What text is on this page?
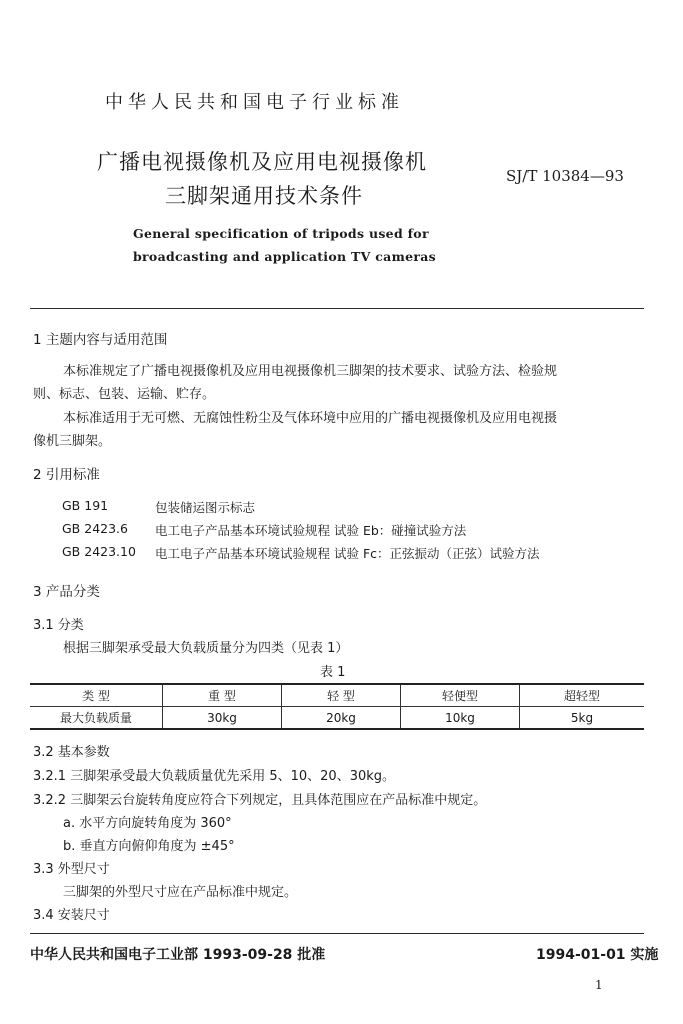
中华人民共和国电子行业标准
广播电视摄像机及应用电视摄像机
三脚架通用技术条件
SJ/T 10384—93
General specification of tripods used for
broadcasting and application TV cameras
1 主题内容与适用范围
本标准规定了广播电视摄像机及应用电视摄像机三脚架的技术要求、试验方法、检验规
则、标志、包装、运输、贮存。
本标准适用于无可燃、无腐蚀性粉尘及气体环境中应用的广播电视摄像机及应用电视摄
像机三脚架。
2 引用标准
GB 191	包装储运图示标志
GB 2423.6 电工电子产品基本环境试验规程 试验 Eb：碰撞试验方法
GB 2423.10 电工电子产品基本环境试验规程 试验 Fc：正弦振动（正弦）试验方法
3 产品分类
3.1 分类
根据三脚架承受最大负载质量分为四类（见表 1）
表 1
类 型	重 型	轻 型	轻便型	超轻型
最大负载质量	30kg	20kg	10kg	5kg
3.2 基本参数
3.2.1 三脚架承受最大负载质量优先采用 5、10、20、30kg。
3.2.2 三脚架云台旋转角度应符合下列规定，且具体范围应在产品标准中规定。
a. 水平方向旋转角度为 360°
b. 垂直方向俯仰角度为 ±45°
3.3 外型尺寸
三脚架的外型尺寸应在产品标准中规定。
3.4 安装尺寸
中华人民共和国电子工业部 1993-09-28 批准	1994-01-01 实施
1
